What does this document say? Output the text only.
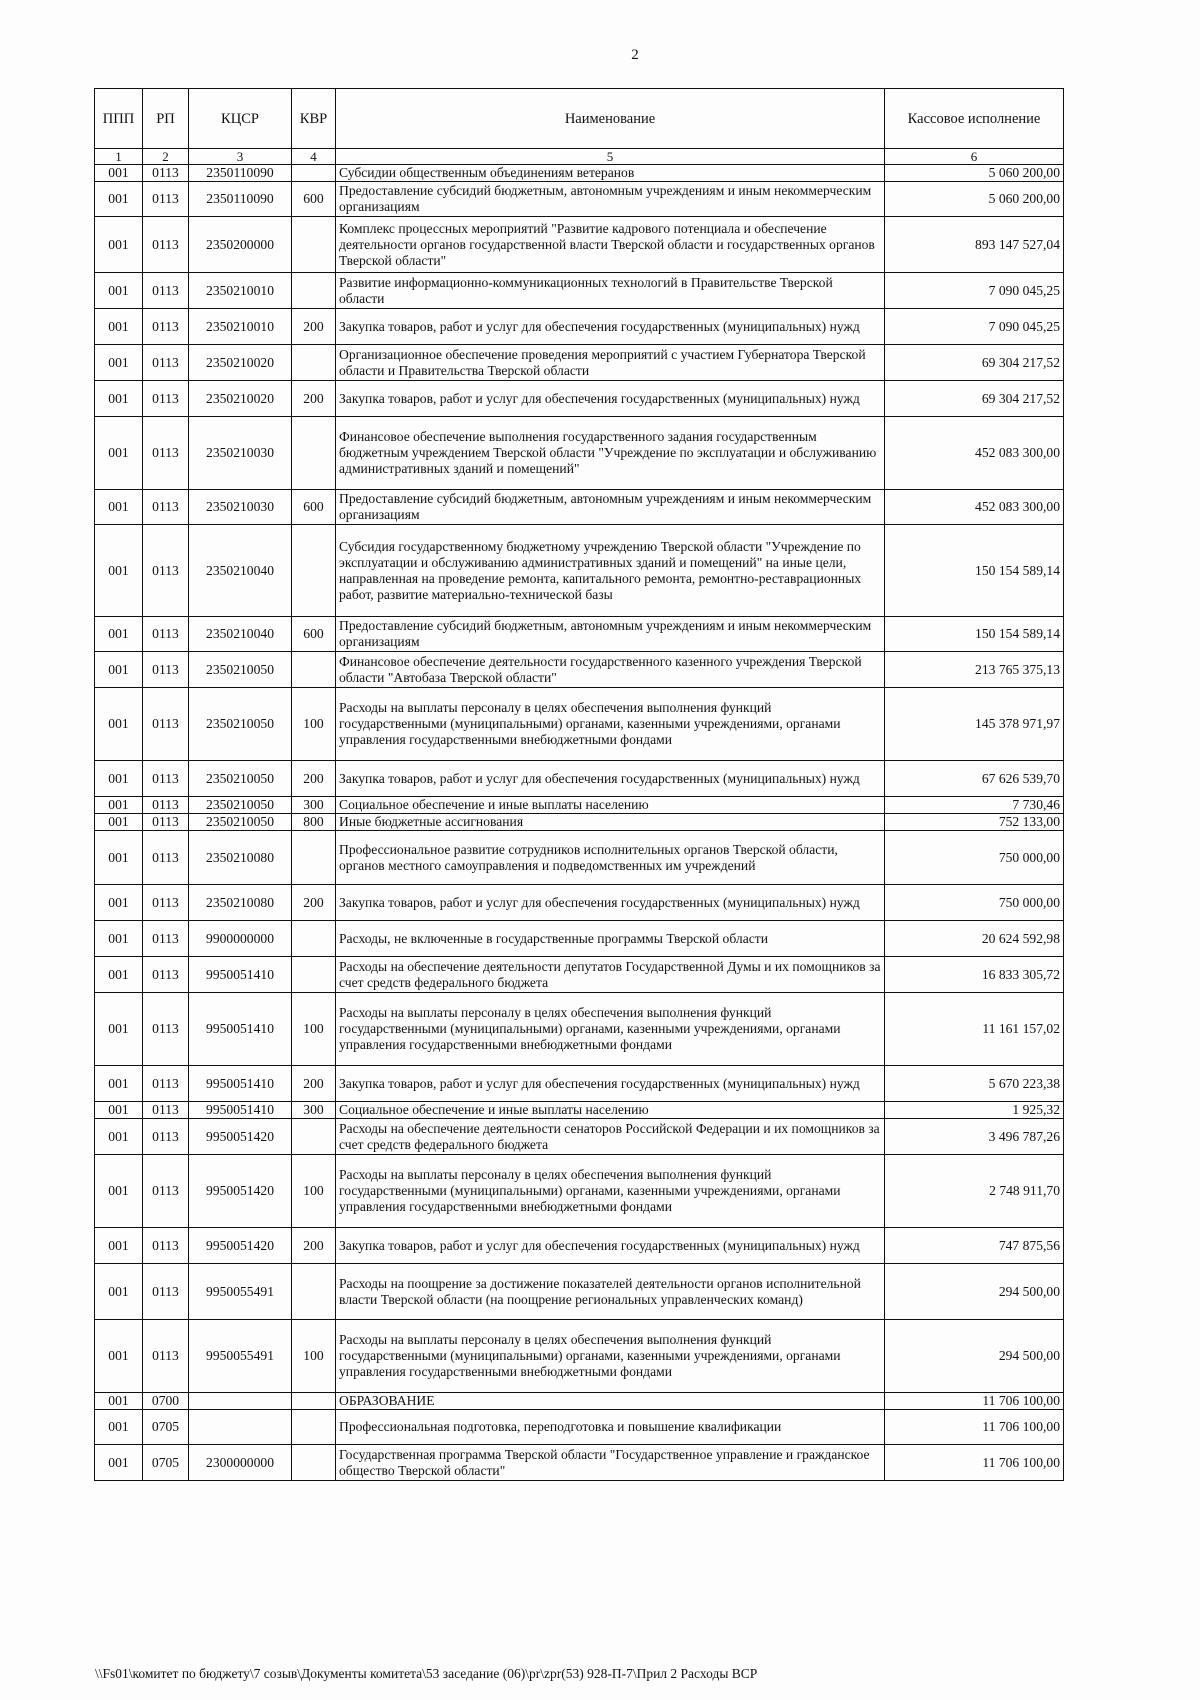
2
ППП	РП	КЦСР	КВР	Наименование	Кассовое исполнение
1	2	3	4	5	6
001	0113	2350110090		Субсидии общественным объединениям ветеранов	5 060 200,00
001	0113	2350110090	600	Предоставление субсидий бюджетным, автономным учреждениям и иным некоммерческим организациям	5 060 200,00
001	0113	2350200000		Комплекс процессных мероприятий "Развитие кадрового потенциала и обеспечение деятельности органов государственной власти Тверской области и государственных органов Тверской области"	893 147 527,04
001	0113	2350210010		Развитие информационно-коммуникационных технологий в Правительстве Тверской области	7 090 045,25
001	0113	2350210010	200	Закупка товаров, работ и услуг для обеспечения государственных (муниципальных) нужд	7 090 045,25
001	0113	2350210020		Организационное обеспечение проведения мероприятий с участием Губернатора Тверской области и Правительства Тверской области	69 304 217,52
001	0113	2350210020	200	Закупка товаров, работ и услуг для обеспечения государственных (муниципальных) нужд	69 304 217,52
001	0113	2350210030		Финансовое обеспечение выполнения государственного задания государственным бюджетным учреждением Тверской области "Учреждение по эксплуатации и обслуживанию административных зданий и помещений"	452 083 300,00
001	0113	2350210030	600	Предоставление субсидий бюджетным, автономным учреждениям и иным некоммерческим организациям	452 083 300,00
001	0113	2350210040		Субсидия государственному бюджетному учреждению Тверской области "Учреждение по эксплуатации и обслуживанию административных зданий и помещений" на иные цели, направленная на проведение ремонта, капитального ремонта, ремонтно-реставрационных работ, развитие материально-технической базы	150 154 589,14
001	0113	2350210040	600	Предоставление субсидий бюджетным, автономным учреждениям и иным некоммерческим организациям	150 154 589,14
001	0113	2350210050		Финансовое обеспечение деятельности государственного казенного учреждения Тверской области "Автобаза Тверской области"	213 765 375,13
001	0113	2350210050	100	Расходы на выплаты персоналу в целях обеспечения выполнения функций государственными (муниципальными) органами, казенными учреждениями, органами управления государственными внебюджетными фондами	145 378 971,97
001	0113	2350210050	200	Закупка товаров, работ и услуг для обеспечения государственных (муниципальных) нужд	67 626 539,70
001	0113	2350210050	300	Социальное обеспечение и иные выплаты населению	7 730,46
001	0113	2350210050	800	Иные бюджетные ассигнования	752 133,00
001	0113	2350210080		Профессиональное развитие сотрудников исполнительных органов Тверской области, органов местного самоуправления и подведомственных им учреждений	750 000,00
001	0113	2350210080	200	Закупка товаров, работ и услуг для обеспечения государственных (муниципальных) нужд	750 000,00
001	0113	9900000000		Расходы, не включенные в государственные программы Тверской области	20 624 592,98
001	0113	9950051410		Расходы на обеспечение деятельности депутатов Государственной Думы и их помощников за счет средств федерального бюджета	16 833 305,72
001	0113	9950051410	100	Расходы на выплаты персоналу в целях обеспечения выполнения функций государственными (муниципальными) органами, казенными учреждениями, органами управления государственными внебюджетными фондами	11 161 157,02
001	0113	9950051410	200	Закупка товаров, работ и услуг для обеспечения государственных (муниципальных) нужд	5 670 223,38
001	0113	9950051410	300	Социальное обеспечение и иные выплаты населению	1 925,32
001	0113	9950051420		Расходы на обеспечение деятельности сенаторов Российской Федерации и их помощников за счет средств федерального бюджета	3 496 787,26
001	0113	9950051420	100	Расходы на выплаты персоналу в целях обеспечения выполнения функций государственными (муниципальными) органами, казенными учреждениями, органами управления государственными внебюджетными фондами	2 748 911,70
001	0113	9950051420	200	Закупка товаров, работ и услуг для обеспечения государственных (муниципальных) нужд	747 875,56
001	0113	9950055491		Расходы на поощрение за достижение показателей деятельности органов исполнительной власти Тверской области (на поощрение региональных управленческих команд)	294 500,00
001	0113	9950055491	100	Расходы на выплаты персоналу в целях обеспечения выполнения функций государственными (муниципальными) органами, казенными учреждениями, органами управления государственными внебюджетными фондами	294 500,00
001	0700			ОБРАЗОВАНИЕ	11 706 100,00
001	0705			Профессиональная подготовка, переподготовка и повышение квалификации	11 706 100,00
001	0705	2300000000		Государственная программа Тверской области "Государственное управление и гражданское общество Тверской области"	11 706 100,00
\\Fs01\комитет по бюджету\7 созыв\Документы комитета\53 заседание (06)\pr\zpr(53) 928-П-7\Прил 2 Расходы ВСР
